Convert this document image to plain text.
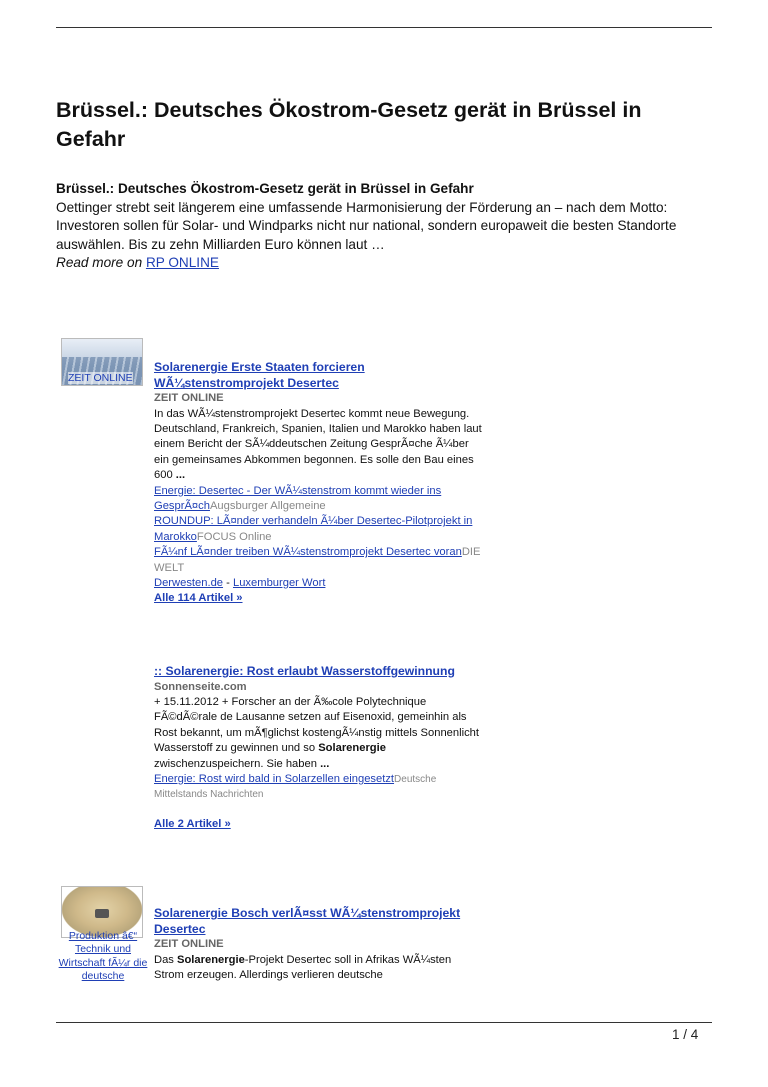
Brüssel.: Deutsches Ökostrom-Gesetz gerät in Brüssel in Gefahr
Brüssel.: Deutsches Ökostrom-Gesetz gerät in Brüssel in Gefahr
Oettinger strebt seit längerem eine umfassende Harmonisierung der Förderung an – nach dem Motto: Investoren sollen für Solar- und Windparks nicht nur national, sondern europaweit die besten Standorte auswählen. Bis zu zehn Milliarden Euro können laut …
Read more on RP ONLINE
ZEIT ONLINE
Solarenergie Erste Staaten forcieren WÃ¼stenstromprojekt Desertec
ZEIT ONLINE
In das WÃ¼stenstromprojekt Desertec kommt neue Bewegung. Deutschland, Frankreich, Spanien, Italien und Marokko haben laut einem Bericht der SÃ¼ddeutschen Zeitung GesprÃ¤che Ã¼ber ein gemeinsames Abkommen begonnen. Es solle den Bau eines 600 ...
Energie: Desertec - Der WÃ¼stenstrom kommt wieder ins GesprÃ¤chAugsburger Allgemeine
ROUNDUP: LÃ¤nder verhandeln Ã¼ber Desertec-Pilotprojekt in MarokkoFOCUS Online
FÃ¼nf LÃ¤nder treiben WÃ¼stenstromprojekt Desertec voranDIE WELT
Derwesten.de - Luxemburger Wort
Alle 114 Artikel »
:: Solarenergie: Rost erlaubt Wasserstoffgewinnung
Sonnenseite.com
+ 15.11.2012 + Forscher an der Ã‰cole Polytechnique FÃ©dÃ©rale de Lausanne setzen auf Eisenoxid, gemeinhin als Rost bekannt, um mÃ¶glichst kostengÃ¼nstig mittels Sonnenlicht Wasserstoff zu gewinnen und so Solarenergie zwischenzuspeichern. Sie haben ...
Energie: Rost wird bald in Solarzellen eingesetztDeutsche Mittelstands Nachrichten

Alle 2 Artikel »
Produktion â€“ Technik und Wirtschaft fÃ¼r die deutsche
Solarenergie Bosch verlÃ¤sst WÃ¼stenstromprojekt Desertec
ZEIT ONLINE
Das Solarenergie-Projekt Desertec soll in Afrikas WÃ¼sten Strom erzeugen. Allerdings verlieren deutsche
1 / 4
